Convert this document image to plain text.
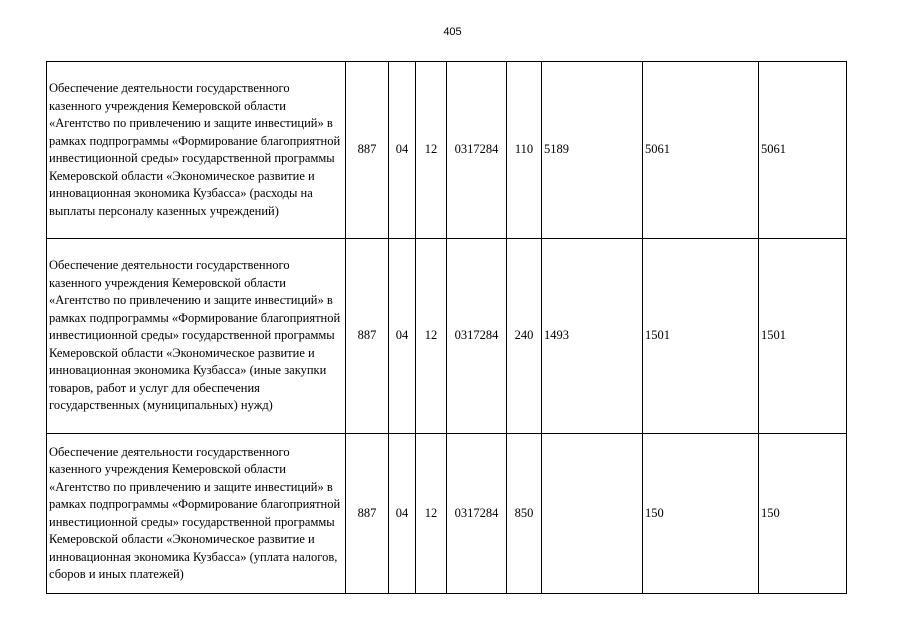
405
Обеспечение деятельности государственного казенного учреждения Кемеровской области «Агентство по привлечению и защите инвестиций» в рамках подпрограммы «Формирование благоприятной инвестиционной среды» государственной программы Кемеровской области «Экономическое развитие и инновационная экономика Кузбасса» (расходы на выплаты персоналу казенных учреждений)	887	04	12	0317284	110	5189	5061	5061
Обеспечение деятельности государственного казенного учреждения Кемеровской области «Агентство по привлечению и защите инвестиций» в рамках подпрограммы «Формирование благоприятной инвестиционной среды» государственной программы Кемеровской области «Экономическое развитие и инновационная экономика Кузбасса» (иные закупки товаров, работ и услуг для обеспечения государственных (муниципальных) нужд)	887	04	12	0317284	240	1493	1501	1501
Обеспечение деятельности государственного казенного учреждения Кемеровской области «Агентство по привлечению и защите инвестиций» в рамках подпрограммы «Формирование благоприятной инвестиционной среды» государственной программы Кемеровской области «Экономическое развитие и инновационная экономика Кузбасса» (уплата налогов, сборов и иных платежей)	887	04	12	0317284	850		150	150
